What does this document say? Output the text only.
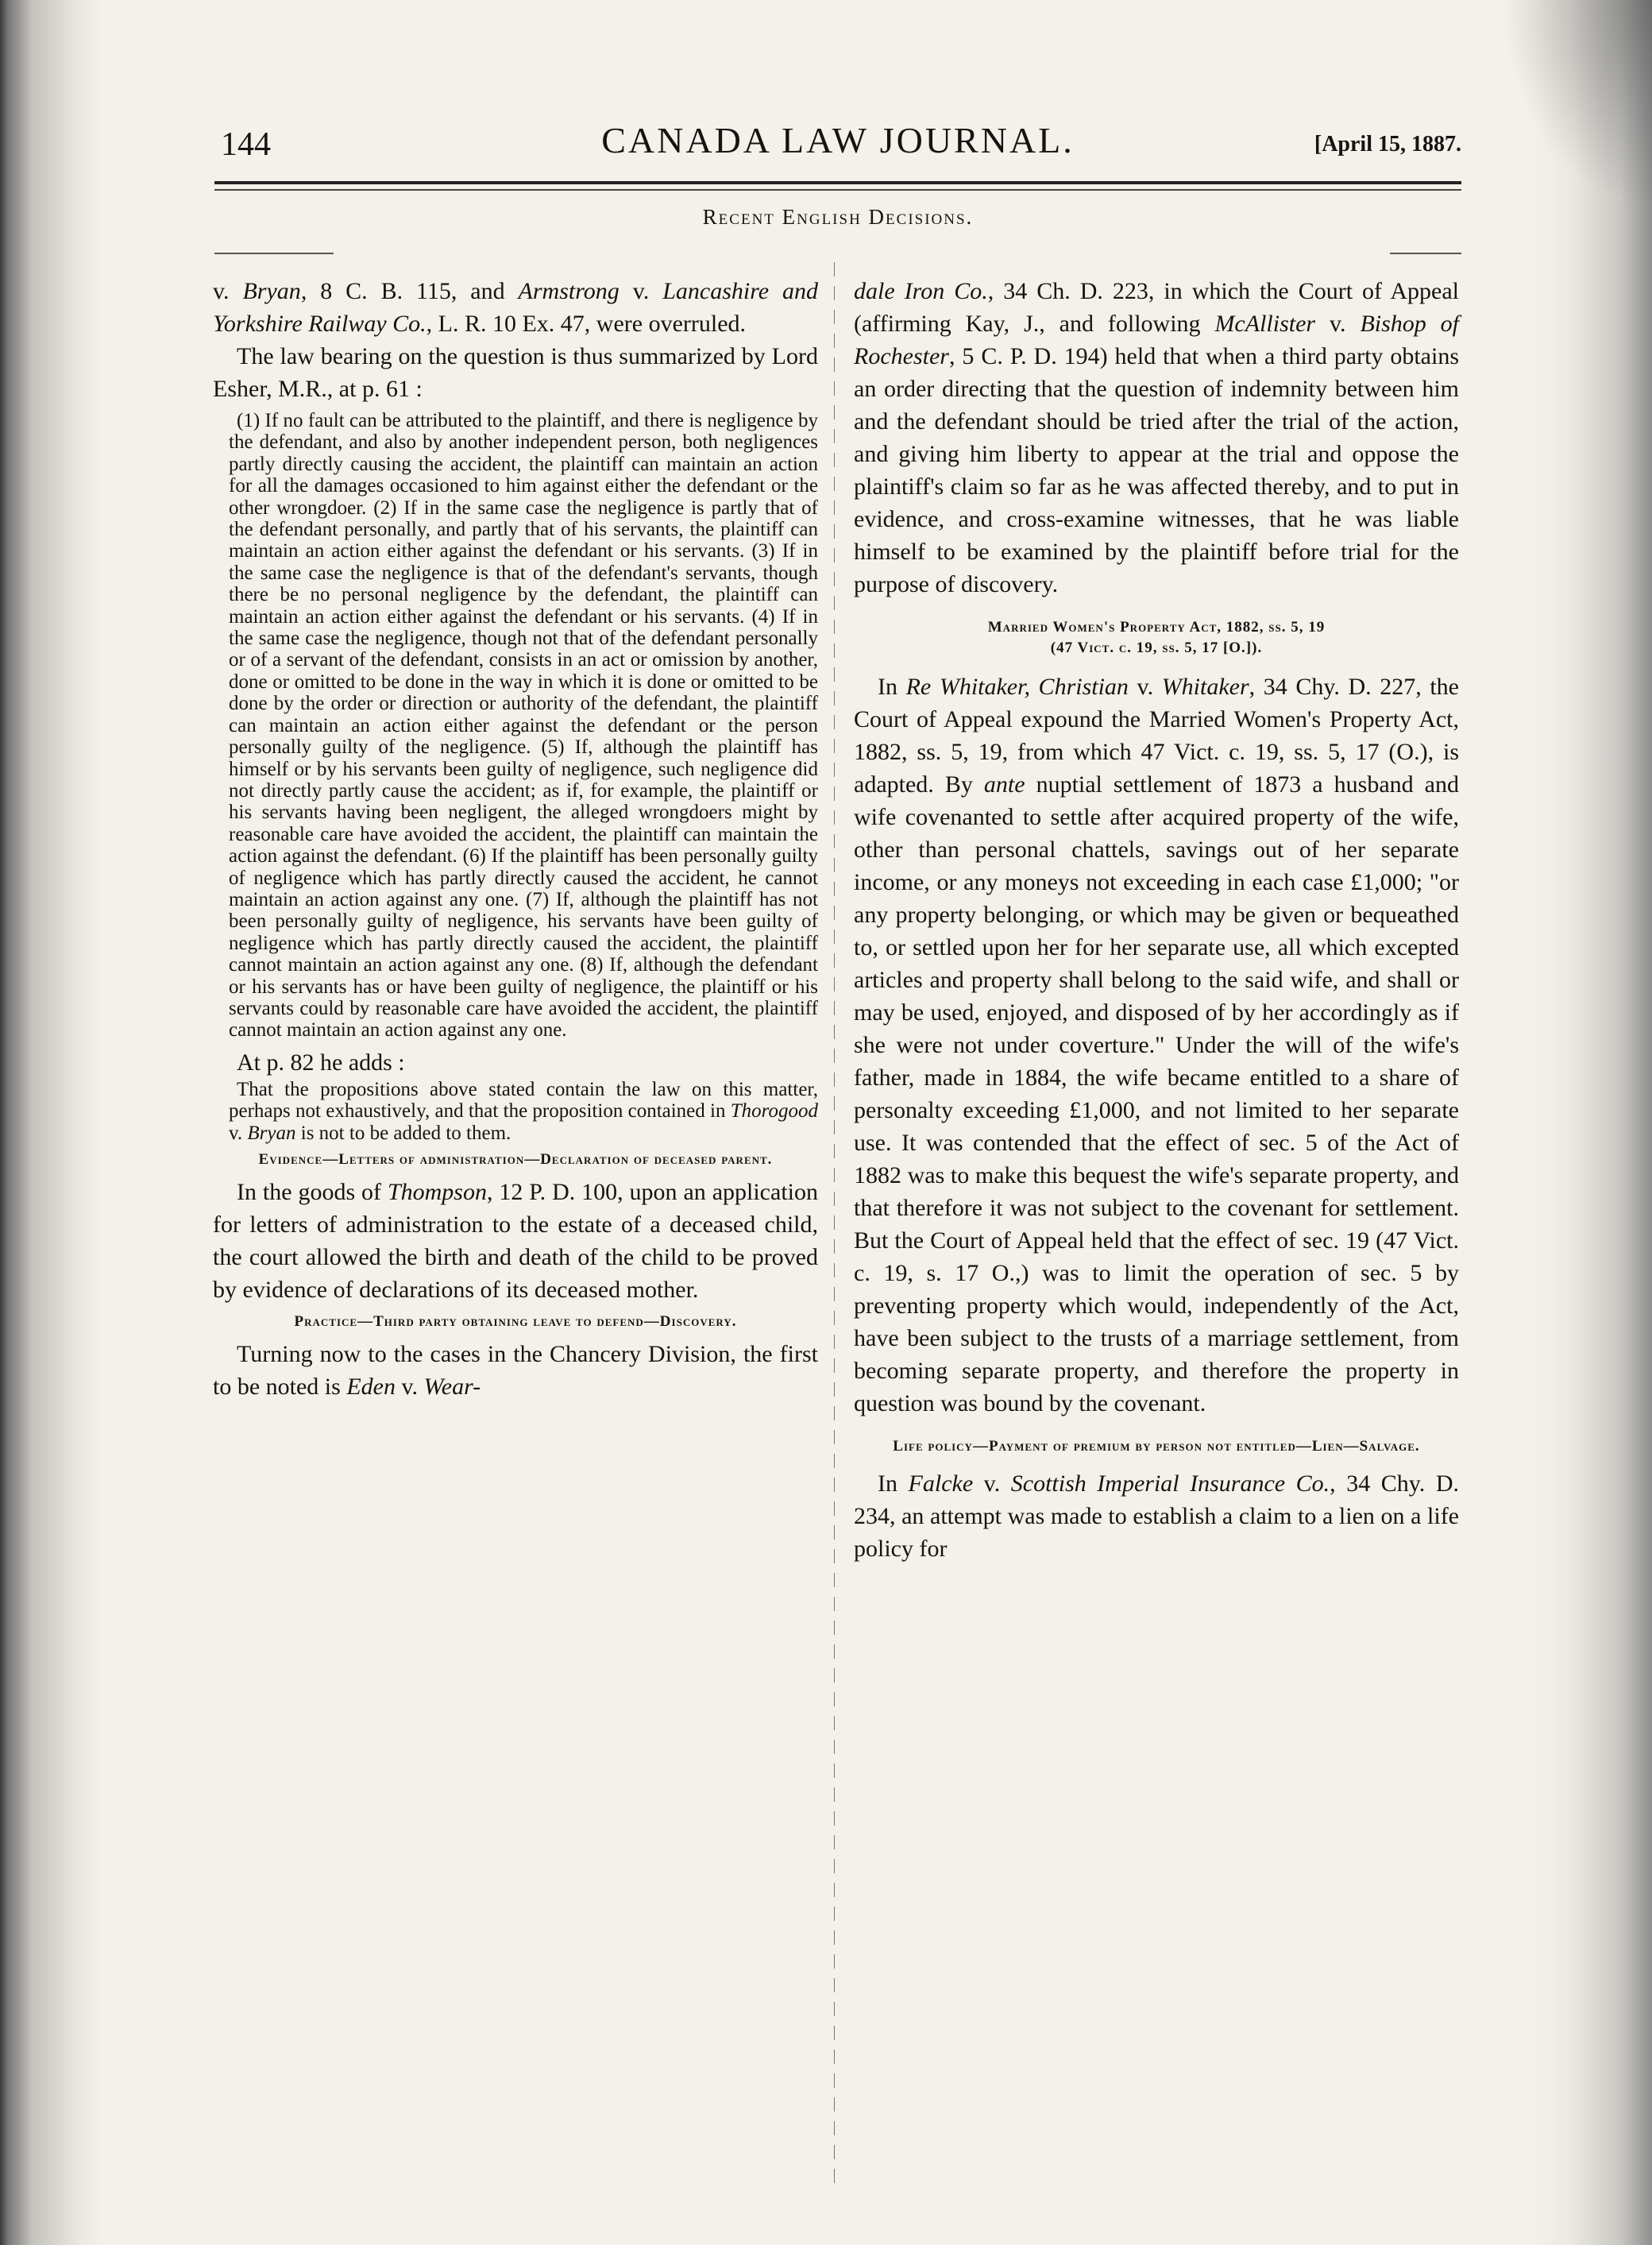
144	CANADA LAW JOURNAL.	[April 15, 1887.
Recent English Decisions.

v. Bryan, 8 C. B. 115, and Armstrong v. Lancashire and Yorkshire Railway Co., L. R. 10 Ex. 47, were overruled.

The law bearing on the question is thus summarized by Lord Esher, M.R., at p. 61 :

(1) If no fault can be attributed to the plaintiff, and there is negligence by the defendant, and also by another independent person, both negligences partly directly causing the accident, the plaintiff can maintain an action for all the damages occasioned to him against either the defendant or the other wrongdoer. (2) If in the same case the negligence is partly that of the defendant personally, and partly that of his servants, the plaintiff can maintain an action either against the defendant or his servants. (3) If in the same case the negligence is that of the defendant's servants, though there be no personal negligence by the defendant, the plaintiff can maintain an action either against the defendant or his servants. (4) If in the same case the negligence, though not that of the defendant personally or of a servant of the defendant, consists in an act or omission by another, done or omitted to be done in the way in which it is done or omitted to be done by the order or direction or authority of the defendant, the plaintiff can maintain an action either against the defendant or the person personally guilty of the negligence. (5) If, although the plaintiff has himself or by his servants been guilty of negligence, such negligence did not directly partly cause the accident; as if, for example, the plaintiff or his servants having been negligent, the alleged wrongdoers might by reasonable care have avoided the accident, the plaintiff can maintain the action against the defendant. (6) If the plaintiff has been personally guilty of negligence which has partly directly caused the accident, he cannot maintain an action against any one. (7) If, although the plaintiff has not been personally guilty of negligence, his servants have been guilty of negligence which has partly directly caused the accident, the plaintiff cannot maintain an action against any one. (8) If, although the defendant or his servants has or have been guilty of negligence, the plaintiff or his servants could by reasonable care have avoided the accident, the plaintiff cannot maintain an action against any one.

At p. 82 he adds :

That the propositions above stated contain the law on this matter, perhaps not exhaustively, and that the proposition contained in Thorogood v. Bryan is not to be added to them.

Evidence—Letters of administration—Declaration of deceased parent.

In the goods of Thompson, 12 P. D. 100, upon an application for letters of administration to the estate of a deceased child, the court allowed the birth and death of the child to be proved by evidence of declarations of its deceased mother.

Practice—Third party obtaining leave to defend—Discovery.

Turning now to the cases in the Chancery Division, the first to be noted is Eden v. Wear-

dale Iron Co., 34 Ch. D. 223, in which the Court of Appeal (affirming Kay, J., and following McAllister v. Bishop of Rochester, 5 C. P. D. 194) held that when a third party obtains an order directing that the question of indemnity between him and the defendant should be tried after the trial of the action, and giving him liberty to appear at the trial and oppose the plaintiff's claim so far as he was affected thereby, and to put in evidence, and cross-examine witnesses, that he was liable himself to be examined by the plaintiff before trial for the purpose of discovery.

Married Women's Property Act, 1882, ss. 5, 19
(47 Vict. c. 19, ss. 5, 17 [O.]).

In Re Whitaker, Christian v. Whitaker, 34 Chy. D. 227, the Court of Appeal expound the Married Women's Property Act, 1882, ss. 5, 19, from which 47 Vict. c. 19, ss. 5, 17 (O.), is adapted. By ante nuptial settlement of 1873 a husband and wife covenanted to settle after acquired property of the wife, other than personal chattels, savings out of her separate income, or any moneys not exceeding in each case £1,000; "or any property belonging, or which may be given or bequeathed to, or settled upon her for her separate use, all which excepted articles and property shall belong to the said wife, and shall or may be used, enjoyed, and disposed of by her accordingly as if she were not under coverture." Under the will of the wife's father, made in 1884, the wife became entitled to a share of personalty exceeding £1,000, and not limited to her separate use. It was contended that the effect of sec. 5 of the Act of 1882 was to make this bequest the wife's separate property, and that therefore it was not subject to the covenant for settlement. But the Court of Appeal held that the effect of sec. 19 (47 Vict. c. 19, s. 17 O.,) was to limit the operation of sec. 5 by preventing property which would, independently of the Act, have been subject to the trusts of a marriage settlement, from becoming separate property, and therefore the property in question was bound by the covenant.

Life policy—Payment of premium by person not entitled—Lien—Salvage.

In Falcke v. Scottish Imperial Insurance Co., 34 Chy. D. 234, an attempt was made to establish a claim to a lien on a life policy for
